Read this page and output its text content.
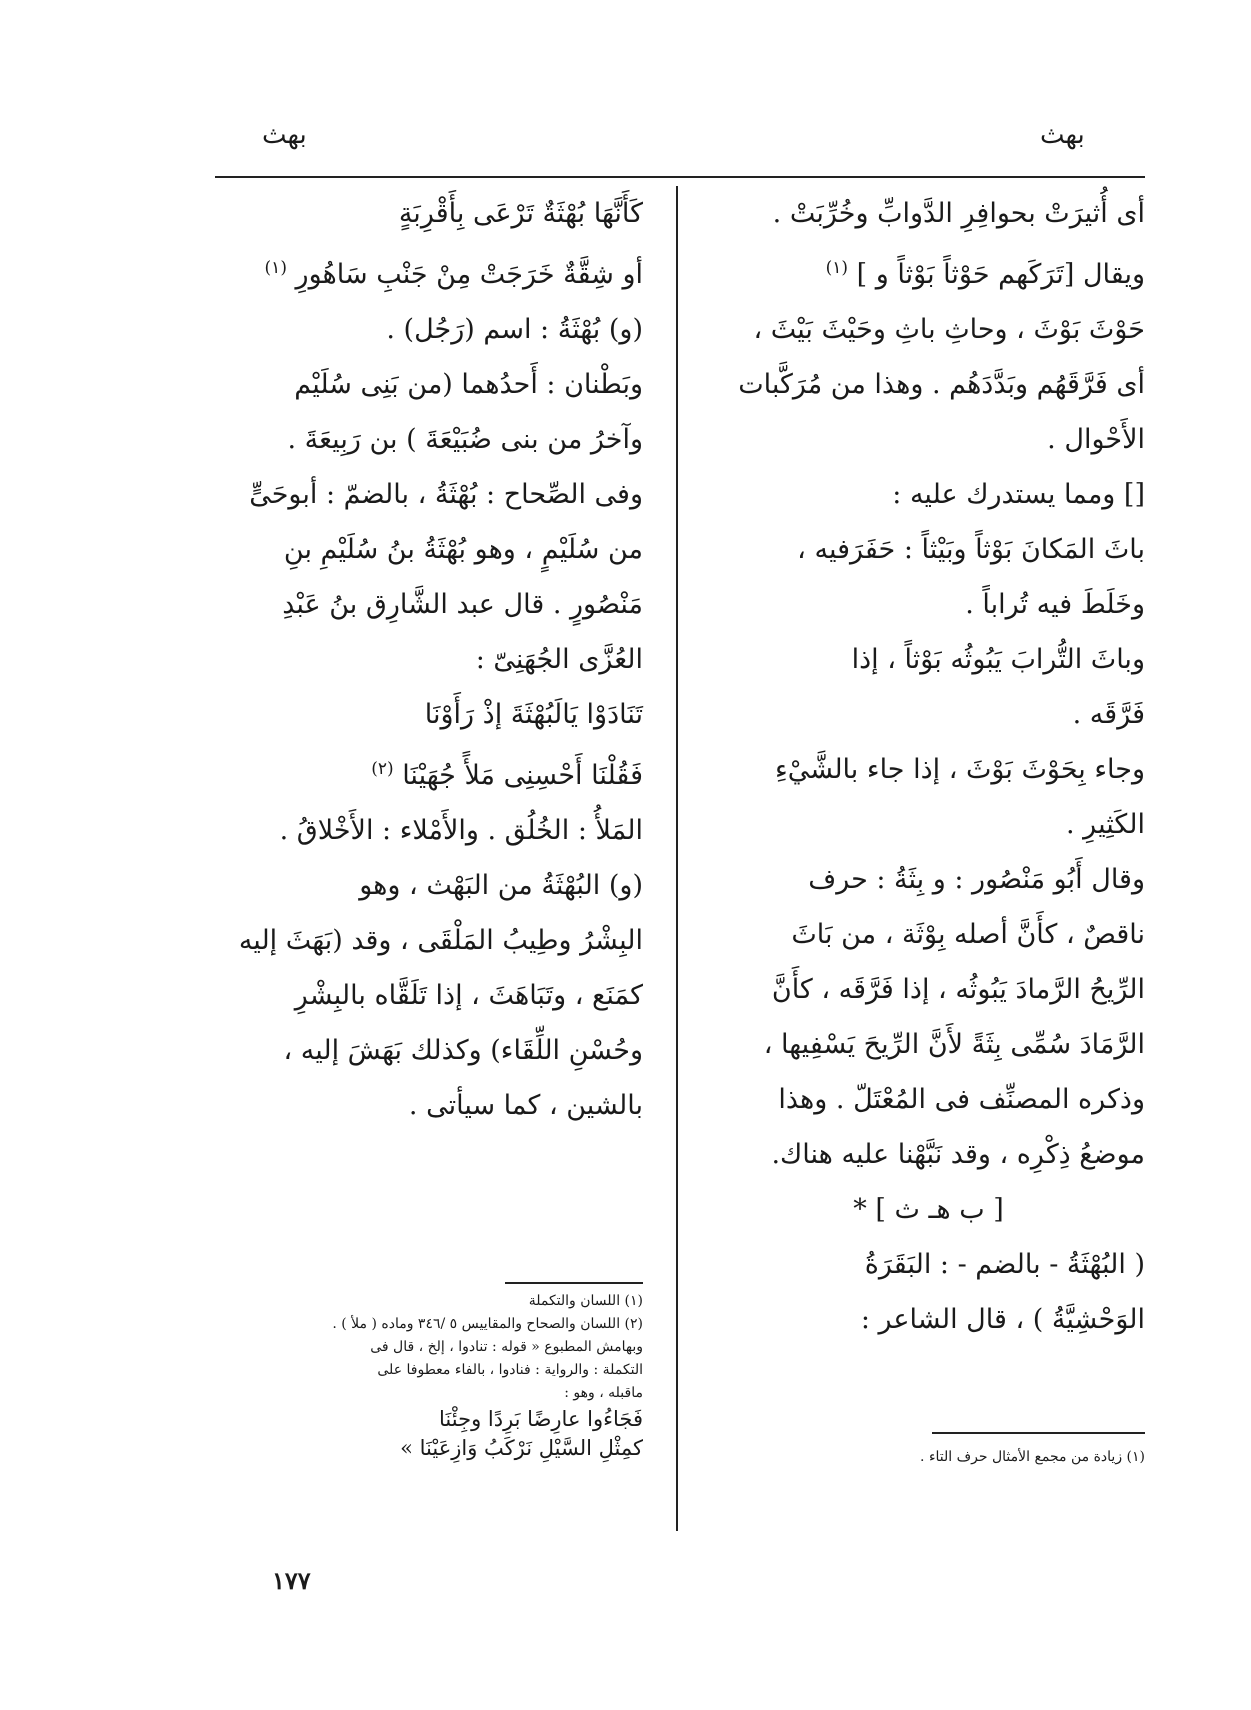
بهث
بهث

أى أُثيرَتْ بحوافِرِ الدَّوابِّ وخُرِّبَتْ .

ويقال [تَرَكَهم حَوْثاً بَوْثاً و ] $^{(١)}$

حَوْثَ بَوْثَ ، وحاثِ باثِ وحَيْثَ بَيْثَ ،

أى فَرَّقَهُم وبَدَّدَهُم . وهذا من مُرَكَّبات

الأَحْوال .

[] ومما يستدرك عليه :

باثَ المَكانَ بَوْثاً وبَيْثاً : حَفَرَفيه ،

وخَلَطَ فيه تُراباً .

وباثَ التُّرابَ يَبُوثُه بَوْثاً ، إذا

فَرَّقَه .

وجاء بِحَوْثَ بَوْثَ ، إذا جاء بالشَّيْءِ

الكَثِيرِ .

وقال أَبُو مَنْصُور : و بِثَةُ : حرف

ناقصٌ ، كأَنَّ أصله بِوْثَة ، من بَاثَ

الرِّيحُ الرَّمادَ يَبُوثُه ، إذا فَرَّقَه ، كأَنَّ

الرَّمَادَ سُمِّى بِثَةً لأَنَّ الرِّيحَ يَسْفِيها ،

وذكره المصنِّف فى المُعْتَلّ . وهذا

موضعُ ذِكْرِه ، وقد نَبَّهْنا عليه هناك.

[ ب هـ ث ] *

( البُهْثَةُ - بالضم - : البَقَرَةُ

الوَحْشِيَّةُ ) ، قال الشاعر :

كَأَنَّهَا بُهْثَةٌ تَرْعَى بِأَقْرِبَةٍ

أو شِقَّةٌ خَرَجَتْ مِنْ جَنْبِ سَاهُورِ $^{(١)}$

(و) بُهْثَةُ : اسم (رَجُل) .

وبَطْنان : أَحدُهما (من بَنِى سُلَيْم

وآخرُ من بنى ضُبَيْعَةَ ) بن رَبِيعَةَ .

وفى الصِّحاح : بُهْثَةُ ، بالضمّ : أبوحَىٍّ

من سُلَيْمٍ ، وهو بُهْثَةُ بنُ سُلَيْمِ بنِ

مَنْصُورٍ . قال عبد الشَّارِق بنُ عَبْدِ

العُزَّى الجُهَنِىّ :

تَنَادَوْا يَالَبُهْثَةَ إذْ رَأَوْنَا

فَقُلْنَا أَحْسِنِى مَلأً جُهَيْنَا $^{(٢)}$

المَلأُ : الخُلُق . والأَمْلاء : الأَخْلاقُ .

(و) البُهْثَةُ من البَهْث ، وهو

البِشْرُ وطِيبُ المَلْقَى ، وقد (بَهَثَ إليه

كمَنَع ، وتَبَاهَثَ ، إذا تَلَقَّاه بالبِشْرِ

وحُسْنِ اللِّقَاء) وكذلك بَهَشَ إليه ،

بالشين ، كما سيأتى .

(١) زيادة من مجمع الأمثال حرف التاء .

(١) اللسان والتكملة

(٢) اللسان والصحاح والمقاييس ٥ /٣٤٦ وماده ( ملأ ) .

وبهامش المطبوع « قوله : تنادوا ، إلخ ، قال فى

التكملة : والرواية : فنادوا ، بالفاء معطوفا على

ماقبله ، وهو :

فَجَاءُوا عارِضًا بَرِدًا وجِئْنَا

كمِثْلِ السَّيْلِ نَرْكَبُ وَازِعَيْنَا »

١٧٧
